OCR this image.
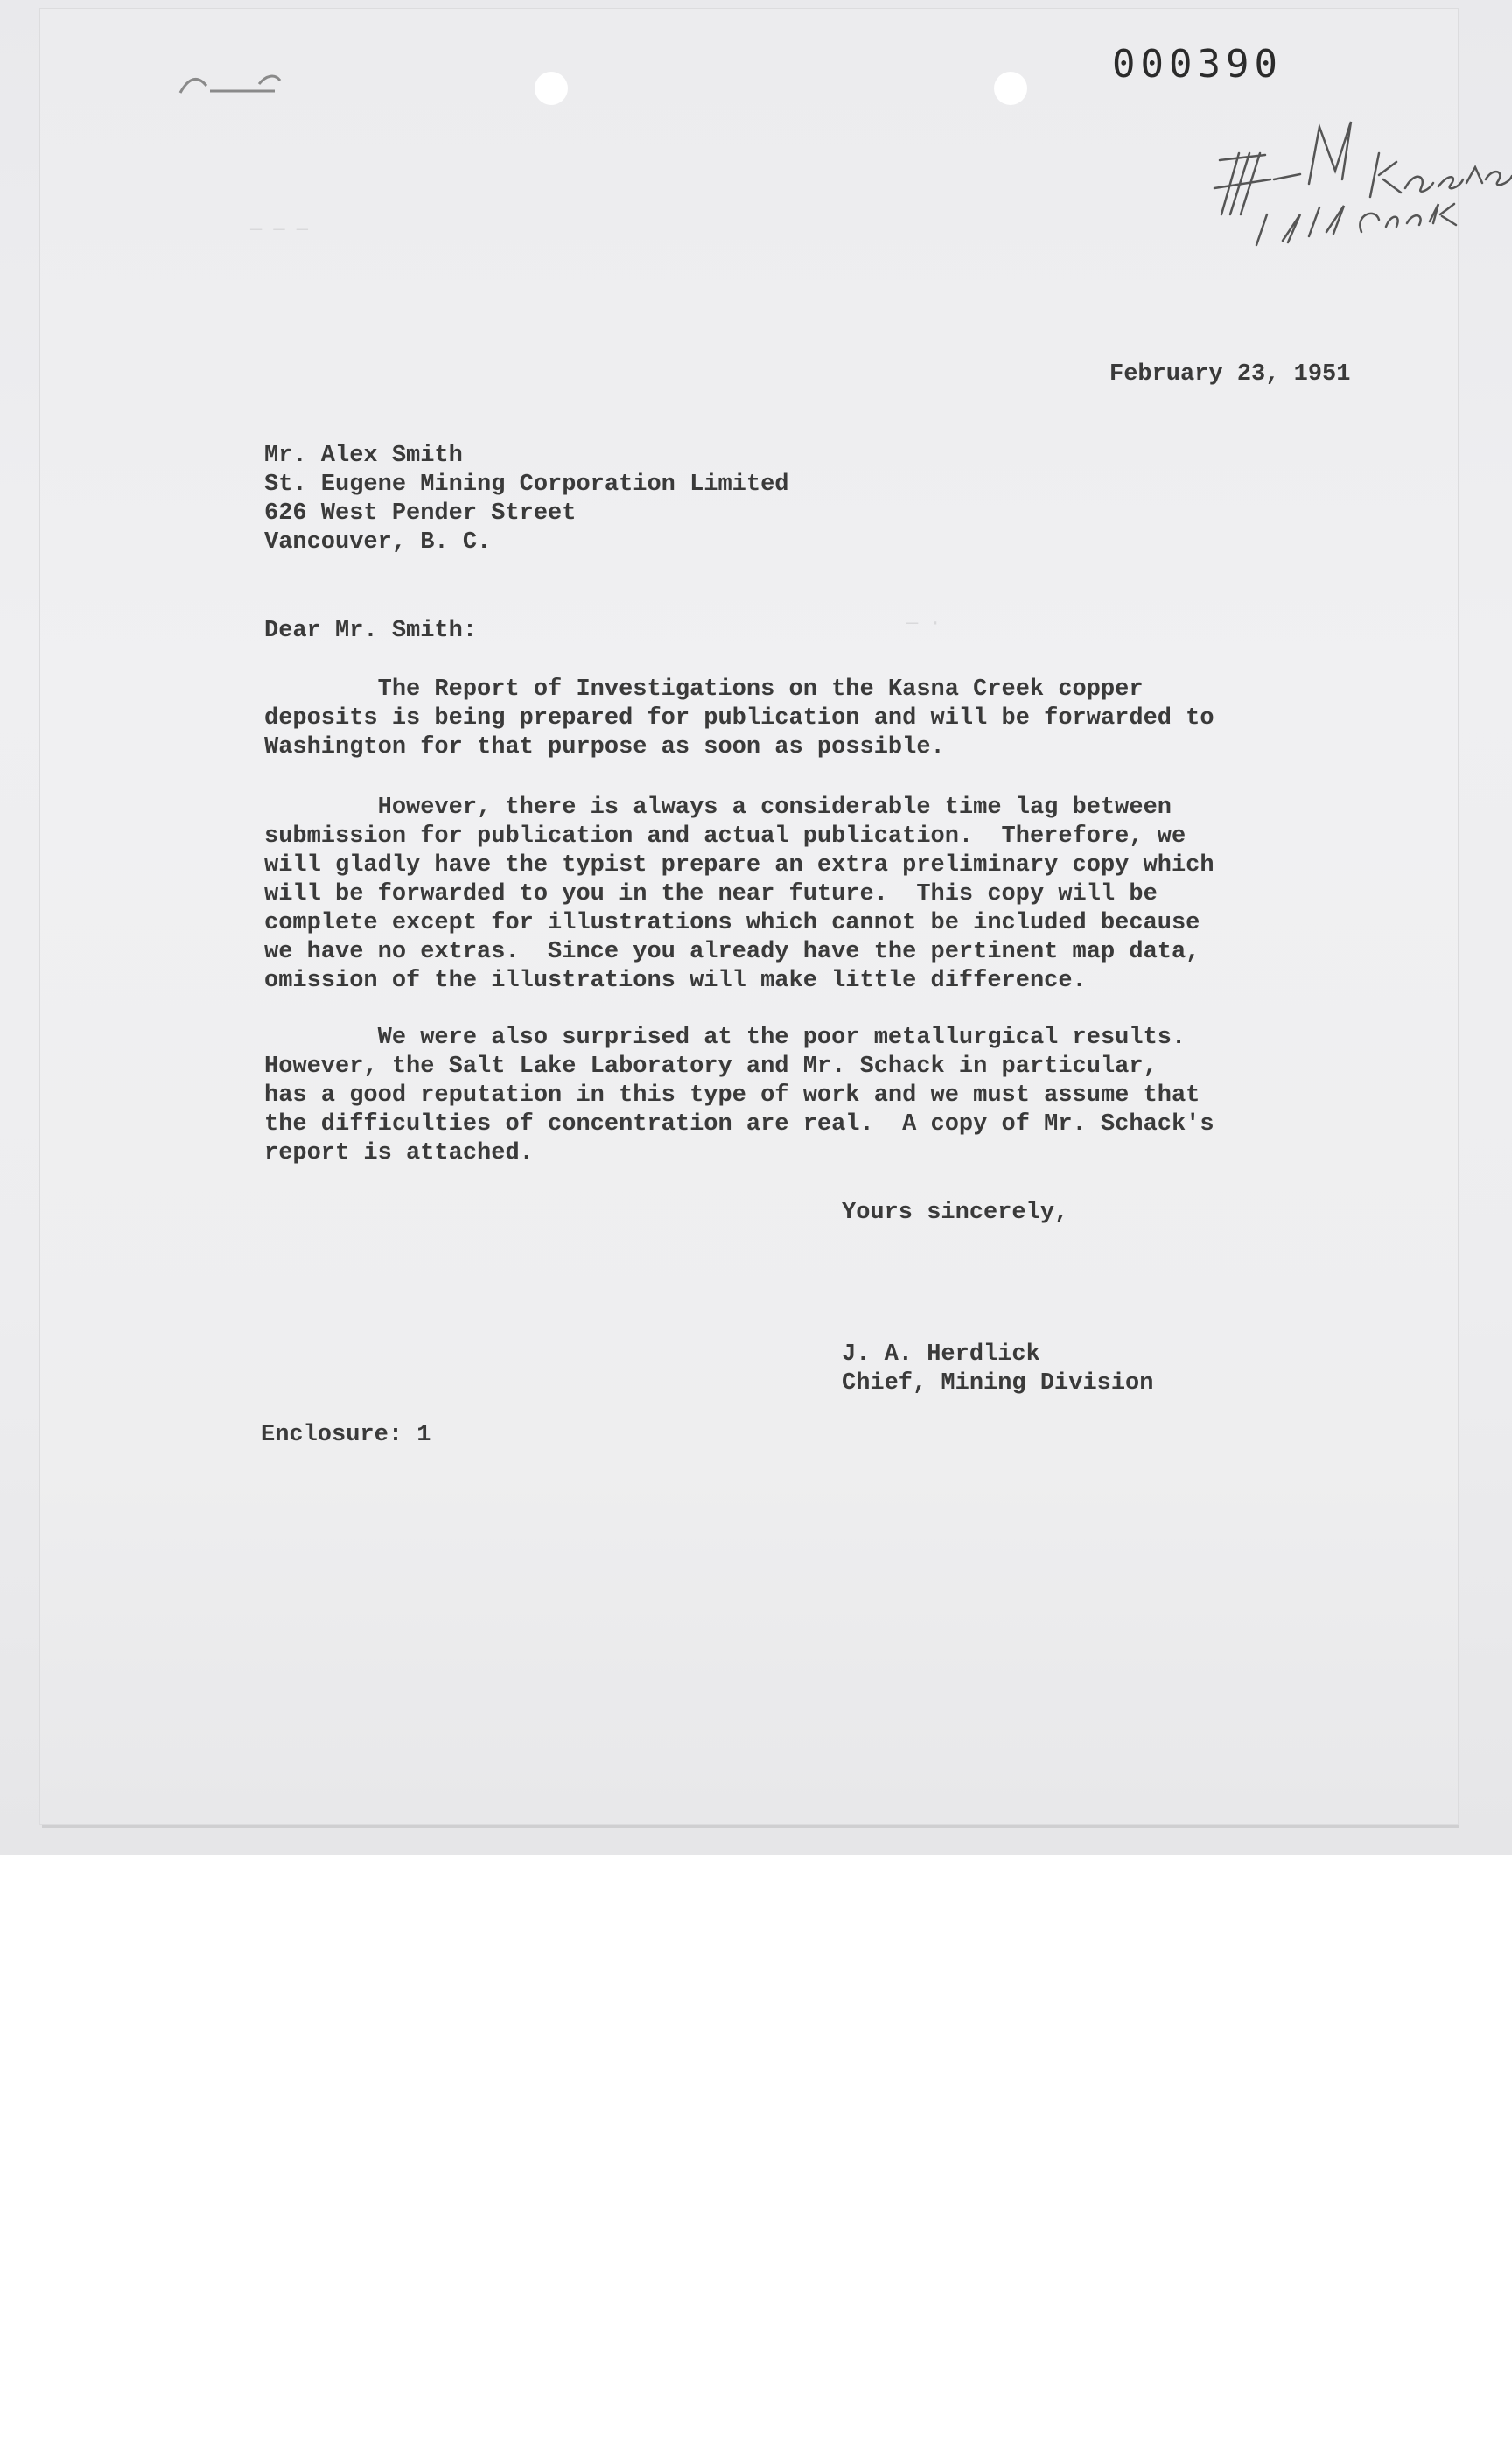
000390
— — —
— ·
February 23, 1951
Mr. Alex Smith
St. Eugene Mining Corporation Limited
626 West Pender Street
Vancouver, B. C.
Dear Mr. Smith:
The Report of Investigations on the Kasna Creek copper
deposits is being prepared for publication and will be forwarded to
Washington for that purpose as soon as possible.
However, there is always a considerable time lag between
submission for publication and actual publication.  Therefore, we
will gladly have the typist prepare an extra preliminary copy which
will be forwarded to you in the near future.  This copy will be
complete except for illustrations which cannot be included because
we have no extras.  Since you already have the pertinent map data,
omission of the illustrations will make little difference.
We were also surprised at the poor metallurgical results.
However, the Salt Lake Laboratory and Mr. Schack in particular,
has a good reputation in this type of work and we must assume that
the difficulties of concentration are real.  A copy of Mr. Schack's
report is attached.
Yours sincerely,
J. A. Herdlick
Chief, Mining Division
Enclosure: 1
